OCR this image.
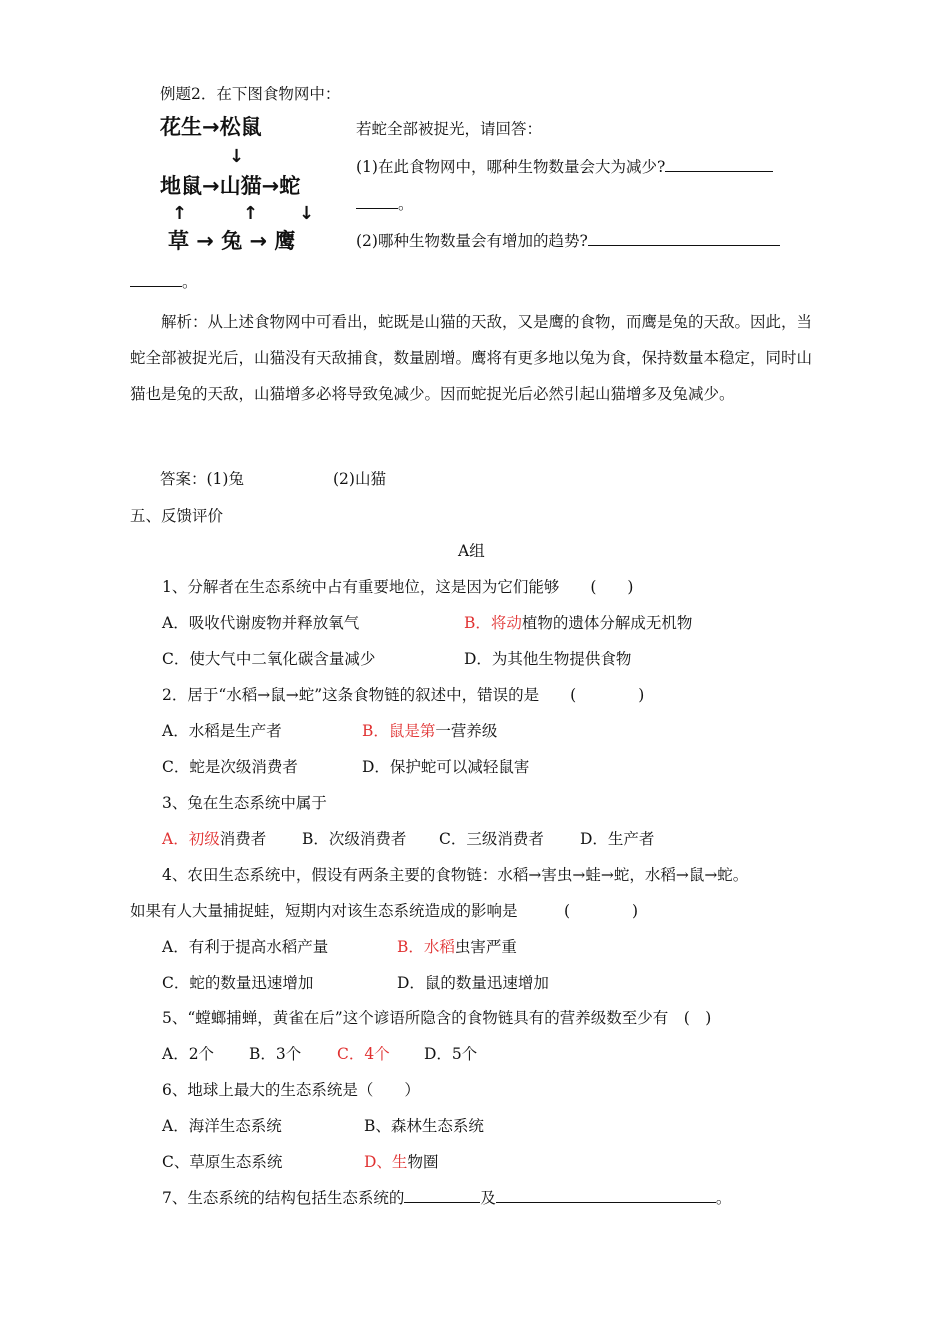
例题2．在下图食物网中：
花生→松鼠
↓
地鼠→山猫→蛇
↑	↑ ↓
草 → 兔 → 鹰
若蛇全部被捉光，请回答：
(1)在此食物网中，哪种生物数量会大为减少?
。
(2)哪种生物数量会有增加的趋势?
。
解析：从上述食物网中可看出，蛇既是山猫的天敌，又是鹰的食物，而鹰是兔的天敌。因此，当蛇全部被捉光后，山猫没有天敌捕食，数量剧增。鹰将有更多地以兔为食，保持数量本稳定，同时山猫也是兔的天敌，山猫增多必将导致兔减少。因而蛇捉光后必然引起山猫增多及兔减少。
答案：(1)兔	(2)山猫
五、反馈评价
A组
1、分解者在生态系统中占有重要地位，这是因为它们能够　　(　　)
A．吸收代谢废物并释放氧气	B．将动植物的遗体分解成无机物
C．使大气中二氧化碳含量减少	D．为其他生物提供食物
2．居于“水稻→鼠→蛇”这条食物链的叙述中，错误的是　　(　　　　)
A．水稻是生产者	B．鼠是第一营养级
C．蛇是次级消费者	D．保护蛇可以减轻鼠害
3、兔在生态系统中属于
A．初级消费者 B．次级消费者 C．三级消费者 D．生产者
4、农田生态系统中，假设有两条主要的食物链：水稻→害虫→蛙→蛇，水稻→鼠→蛇。
如果有人大量捕捉蛙，短期内对该生态系统造成的影响是　　　(　　　　)
A．有利于提高水稻产量	B．水稻虫害严重
C．蛇的数量迅速增加	D．鼠的数量迅速增加
5、“螳螂捕蝉，黄雀在后”这个谚语所隐含的食物链具有的营养级数至少有　(　)
A．2个 B．3个 C．4个 D．5个
6、地球上最大的生态系统是（　　）
A．海洋生态系统	B、森林生态系统
C、草原生态系统	D、生物圈
7、生态系统的结构包括生态系统的	及	。
